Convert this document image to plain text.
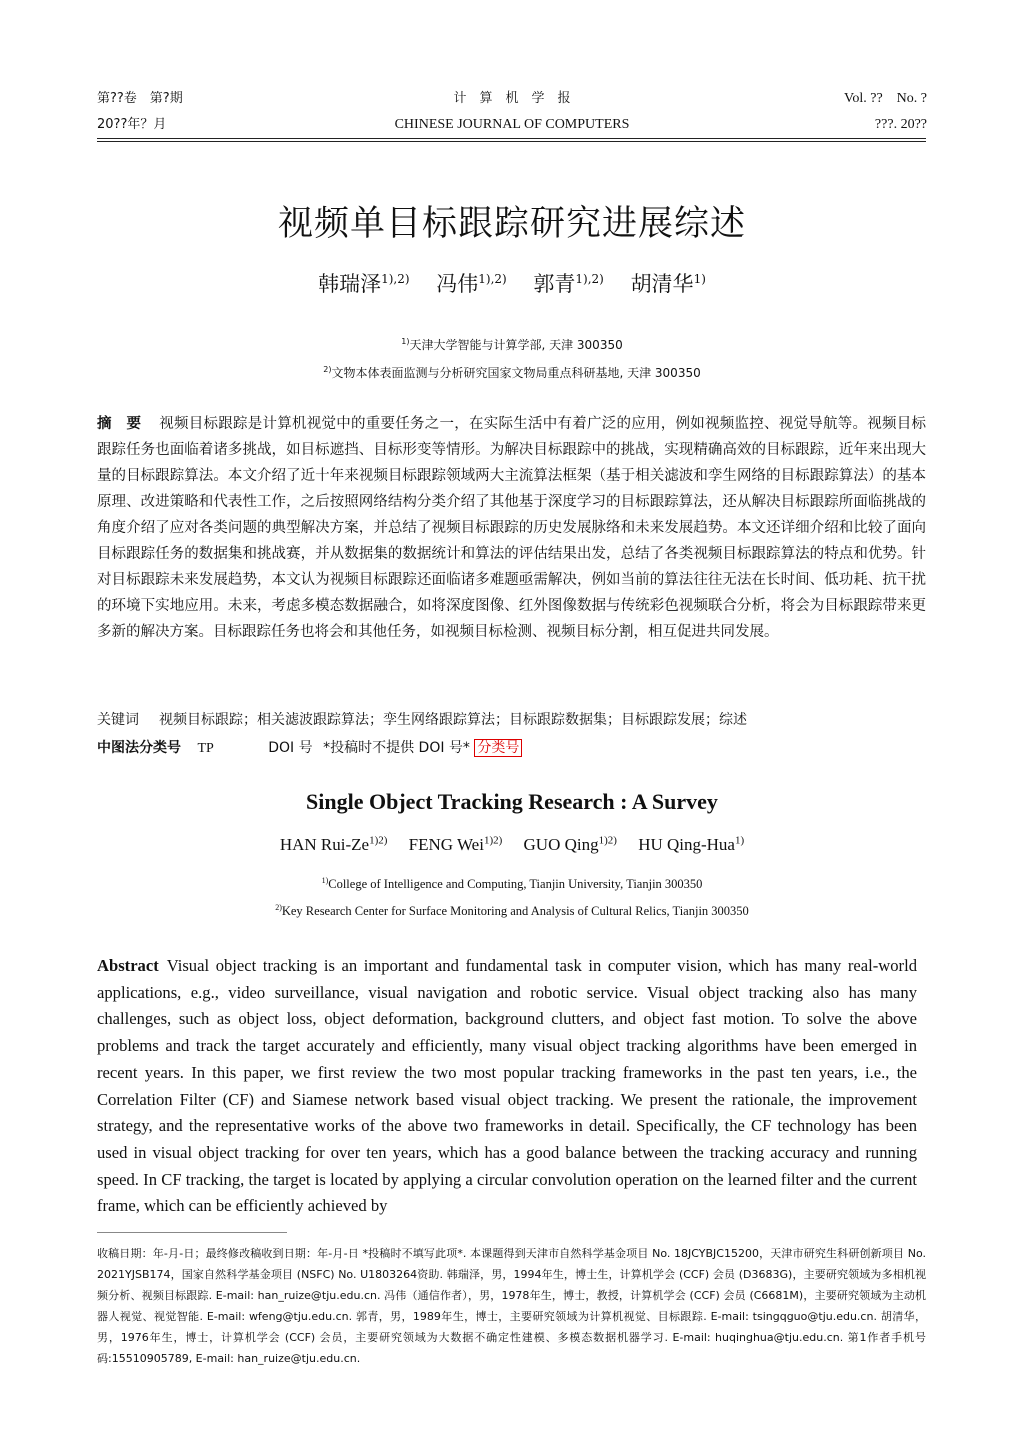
第??卷　第?期
20??年？月
计　算　机　学　报
CHINESE JOURNAL OF COMPUTERS
Vol. ??　No. ?
???. 20??
视频单目标跟踪研究进展综述
韩瑞泽$^{1),2)}$ 冯伟$^{1),2)}$ 郭青$^{1),2)}$ 胡清华$^{1)}$
$^{1)}$天津大学智能与计算学部, 天津 300350
$^{2)}$文物本体表面监测与分析研究国家文物局重点科研基地, 天津 300350
摘　要 视频目标跟踪是计算机视觉中的重要任务之一，在实际生活中有着广泛的应用，例如视频监控、视觉导航等。视频目标跟踪任务也面临着诸多挑战，如目标遮挡、目标形变等情形。为解决目标跟踪中的挑战，实现精确高效的目标跟踪，近年来出现大量的目标跟踪算法。本文介绍了近十年来视频目标跟踪领域两大主流算法框架（基于相关滤波和孪生网络的目标跟踪算法）的基本原理、改进策略和代表性工作，之后按照网络结构分类介绍了其他基于深度学习的目标跟踪算法，还从解决目标跟踪所面临挑战的角度介绍了应对各类问题的典型解决方案，并总结了视频目标跟踪的历史发展脉络和未来发展趋势。本文还详细介绍和比较了面向目标跟踪任务的数据集和挑战赛，并从数据集的数据统计和算法的评估结果出发，总结了各类视频目标跟踪算法的特点和优势。针对目标跟踪未来发展趋势，本文认为视频目标跟踪还面临诸多难题亟需解决，例如当前的算法往往无法在长时间、低功耗、抗干扰的环境下实地应用。未来，考虑多模态数据融合，如将深度图像、红外图像数据与传统彩色视频联合分析，将会为目标跟踪带来更多新的解决方案。目标跟踪任务也将会和其他任务，如视频目标检测、视频目标分割，相互促进共同发展。
关键词 视频目标跟踪；相关滤波跟踪算法；孪生网络跟踪算法；目标跟踪数据集；目标跟踪发展；综述
中图法分类号 TP	DOI 号 *投稿时不提供 DOI 号* 分类号
Single Object Tracking Research : A Survey
HAN Rui-$Ze^{1)2)}$ FENG Wei$^{1)2)}$ GUO Qing$^{1)2)}$ HU Qing-Hua$^{1)}$
$^{1)}$College of Intelligence and Computing, Tianjin University, Tianjin 300350
$^{2)}$Key Research Center for Surface Monitoring and Analysis of Cultural Relics, Tianjin 300350
Abstract Visual object tracking is an important and fundamental task in computer vision, which has many real-world applications, e.g., video surveillance, visual navigation and robotic service. Visual object tracking also has many challenges, such as object loss, object deformation, background clutters, and object fast motion. To solve the above problems and track the target accurately and efficiently, many visual object tracking algorithms have been emerged in recent years. In this paper, we first review the two most popular tracking frameworks in the past ten years, i.e., the Correlation Filter (CF) and Siamese network based visual object tracking. We present the rationale, the improvement strategy, and the representative works of the above two frameworks in detail. Specifically, the CF technology has been used in visual object tracking for over ten years, which has a good balance between the tracking accuracy and running speed. In CF tracking, the target is located by applying a circular convolution operation on the learned filter and the current frame, which can be efficiently achieved by
收稿日期：年-月-日；最终修改稿收到日期：年-月-日 *投稿时不填写此项*. 本课题得到天津市自然科学基金项目 No. 18JCYBJC15200，天津市研究生科研创新项目 No. 2021YJSB174，国家自然科学基金项目 (NSFC) No. U1803264资助. 韩瑞泽，男，1994年生，博士生，计算机学会 (CCF) 会员 (D3683G)，主要研究领域为多相机视频分析、视频目标跟踪. E-mail: han_ruize@tju.edu.cn. 冯伟（通信作者），男，1978年生，博士，教授，计算机学会 (CCF) 会员 (C6681M)，主要研究领域为主动机器人视觉、视觉智能. E-mail: wfeng@tju.edu.cn. 郭青，男，1989年生，博士，主要研究领域为计算机视觉、目标跟踪. E-mail: tsingqguo@tju.edu.cn. 胡清华，男，1976年生，博士，计算机学会 (CCF) 会员，主要研究领域为大数据不确定性建模、多模态数据机器学习. E-mail: huqinghua@tju.edu.cn. 第1作者手机号码:15510905789, E-mail: han_ruize@tju.edu.cn.
